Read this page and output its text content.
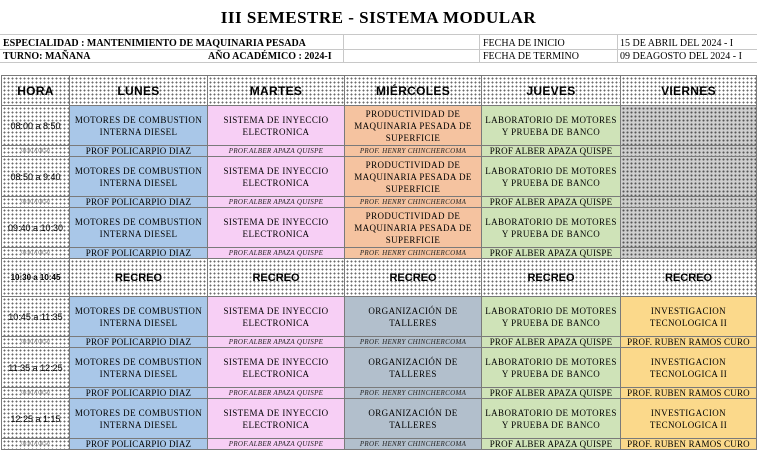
III SEMESTRE - SISTEMA MODULAR
ESPECIALIDAD : MANTENIMIENTO DE MAQUINARIA PESADA
TURNO: MAÑANA	AÑO ACADÉMICO : 2024-I
FECHA DE INICIO	15 DE ABRIL DEL 2024 - I
FECHA DE TERMINO	09 DEAGOSTO DEL 2024 - I
HORA	LUNES	MARTES	MIÉRCOLES	JUEVES	VIERNES
08:00 a 8:50	MOTORES DE COMBUSTION INTERNA DIESEL	SISTEMA DE INYECCIO ELECTRONICA	PRODUCTIVIDAD DE MAQUINARIA PESADA DE SUPERFICIE	LABORATORIO DE MOTORES Y PRUEBA DE BANCO	
08:00 A 08:50	PROF POLICARPIO DIAZ	PROF.ALBER APAZA QUISPE	PROF. HENRY CHINCHERCOMA	PROF ALBER APAZA QUISPE	
08:50 a 9:40	MOTORES DE COMBUSTION INTERNA DIESEL	SISTEMA DE INYECCIO ELECTRONICA	PRODUCTIVIDAD DE MAQUINARIA PESADA DE SUPERFICIE	LABORATORIO DE MOTORES Y PRUEBA DE BANCO	
08:00 A 08:50	PROF POLICARPIO DIAZ	PROF.ALBER APAZA QUISPE	PROF. HENRY CHINCHERCOMA	PROF ALBER APAZA QUISPE	
09:40 a 10:30	MOTORES DE COMBUSTION INTERNA DIESEL	SISTEMA DE INYECCIO ELECTRONICA	PRODUCTIVIDAD DE MAQUINARIA PESADA DE SUPERFICIE	LABORATORIO DE MOTORES Y PRUEBA DE BANCO	
08:00 A 08:50	PROF POLICARPIO DIAZ	PROF.ALBER APAZA QUISPE	PROF. HENRY CHINCHERCOMA	PROF ALBER APAZA QUISPE	
10:30 a 10:45	RECREO	RECREO	RECREO	RECREO	RECREO
10:45 a 11:35	MOTORES DE COMBUSTION INTERNA DIESEL	SISTEMA DE INYECCIO ELECTRONICA	ORGANIZACIÓN DE TALLERES	LABORATORIO DE MOTORES Y PRUEBA DE BANCO	INVESTIGACION TECNOLOGICA II
08:00 A 08:50	PROF POLICARPIO DIAZ	PROF.ALBER APAZA QUISPE	PROF. HENRY CHINCHERCOMA	PROF ALBER APAZA QUISPE	PROF. RUBEN RAMOS CURO
11:35 a 12:25	MOTORES DE COMBUSTION INTERNA DIESEL	SISTEMA DE INYECCIO ELECTRONICA	ORGANIZACIÓN DE TALLERES	LABORATORIO DE MOTORES Y PRUEBA DE BANCO	INVESTIGACION TECNOLOGICA II
08:00 A 08:50	PROF POLICARPIO DIAZ	PROF.ALBER APAZA QUISPE	PROF. HENRY CHINCHERCOMA	PROF ALBER APAZA QUISPE	PROF. RUBEN RAMOS CURO
12:25 a 1:15	MOTORES DE COMBUSTION INTERNA DIESEL	SISTEMA DE INYECCIO ELECTRONICA	ORGANIZACIÓN DE TALLERES	LABORATORIO DE MOTORES Y PRUEBA DE BANCO	INVESTIGACION TECNOLOGICA II
08:00 A 08:50	PROF POLICARPIO DIAZ	PROF.ALBER APAZA QUISPE	PROF. HENRY CHINCHERCOMA	PROF ALBER APAZA QUISPE	PROF. RUBEN RAMOS CURO
